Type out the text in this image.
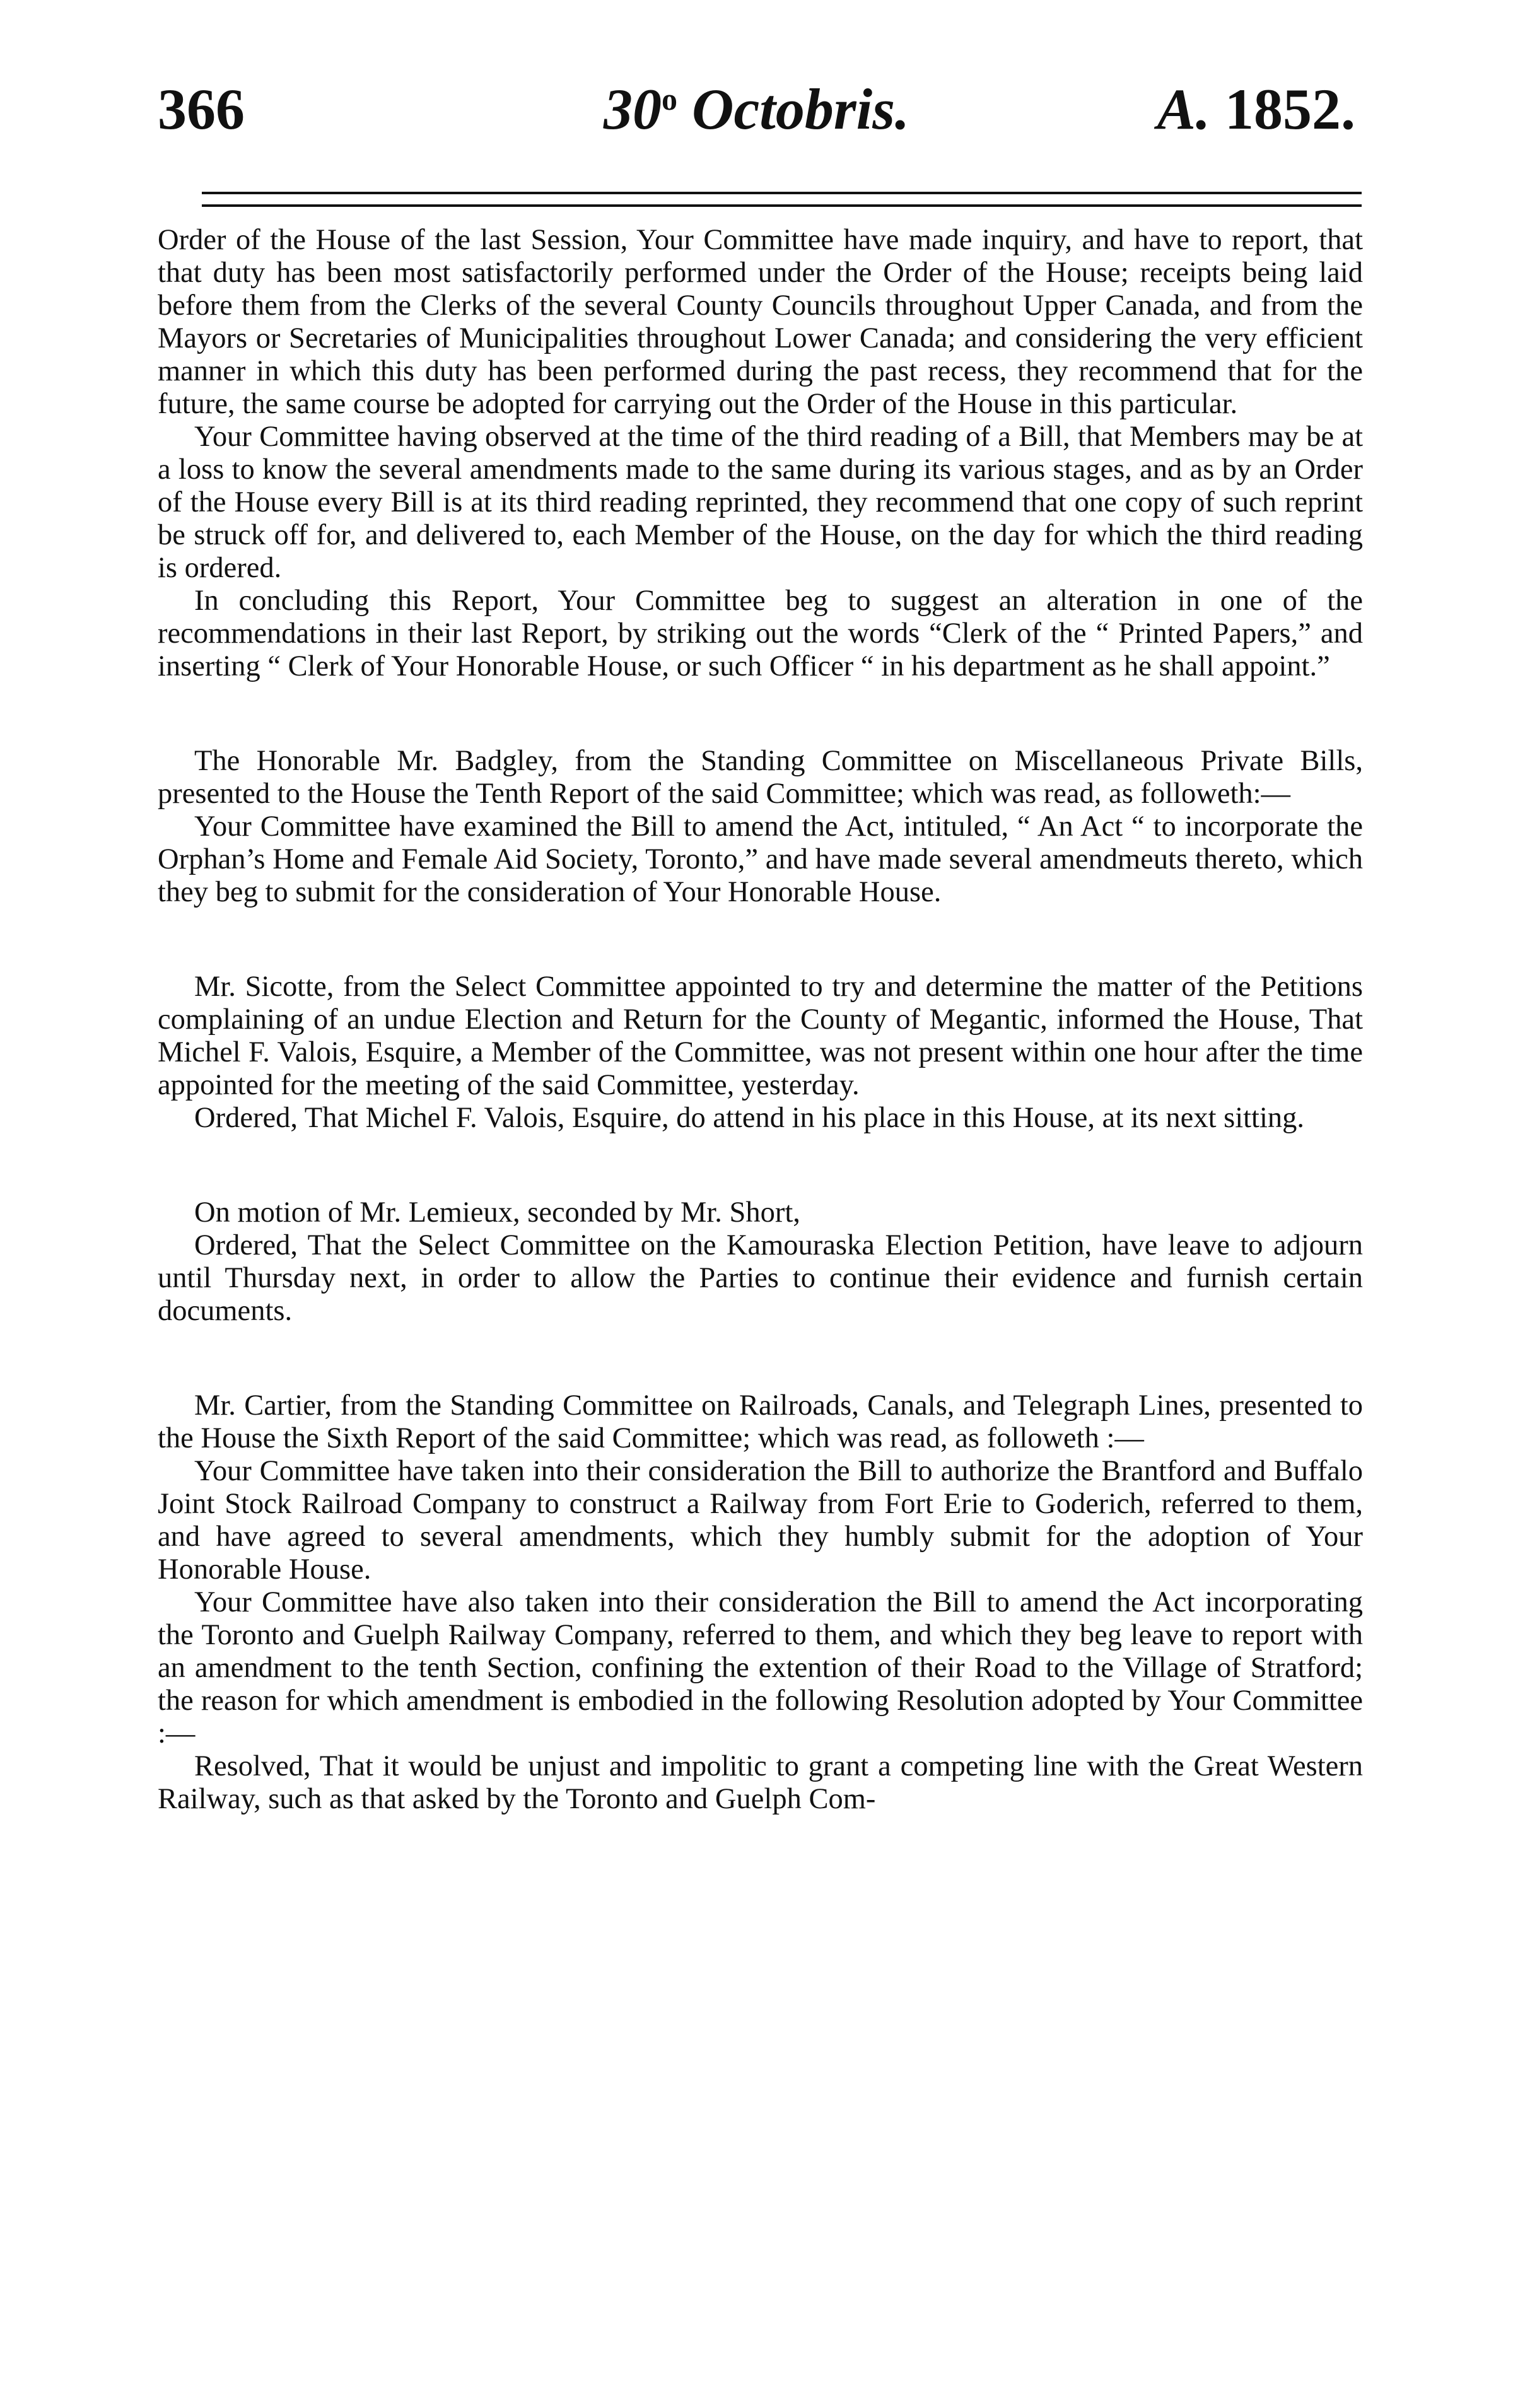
366	30$^o$ Octobris.	A. 1852.

Order of the House of the last Session, Your Committee have made inquiry, and have to report, that that duty has been most satisfactorily performed under the Order of the House; receipts being laid before them from the Clerks of the several County Councils throughout Upper Canada, and from the Mayors or Secretaries of Municipalities throughout Lower Canada; and considering the very efficient manner in which this duty has been performed during the past recess, they recommend that for the future, the same course be adopted for carrying out the Order of the House in this particular.

Your Committee having observed at the time of the third reading of a Bill, that Members may be at a loss to know the several amendments made to the same during its various stages, and as by an Order of the House every Bill is at its third reading reprinted, they recommend that one copy of such reprint be struck off for, and delivered to, each Member of the House, on the day for which the third reading is ordered.

In concluding this Report, Your Committee beg to suggest an alteration in one of the recommendations in their last Report, by striking out the words “Clerk of the “ Printed Papers,” and inserting “ Clerk of Your Honorable House, or such Officer “ in his department as he shall appoint.”

The Honorable Mr. Badgley, from the Standing Committee on Miscellaneous Private Bills, presented to the House the Tenth Report of the said Committee; which was read, as followeth:—

Your Committee have examined the Bill to amend the Act, intituled, “ An Act “ to incorporate the Orphan’s Home and Female Aid Society, Toronto,” and have made several amendmeuts thereto, which they beg to submit for the consideration of Your Honorable House.

Mr. Sicotte, from the Select Committee appointed to try and determine the matter of the Petitions complaining of an undue Election and Return for the County of Megantic, informed the House, That Michel F. Valois, Esquire, a Member of the Committee, was not present within one hour after the time appointed for the meeting of the said Committee, yesterday.

Ordered, That Michel F. Valois, Esquire, do attend in his place in this House, at its next sitting.

On motion of Mr. Lemieux, seconded by Mr. Short,

Ordered, That the Select Committee on the Kamouraska Election Petition, have leave to adjourn until Thursday next, in order to allow the Parties to continue their evidence and furnish certain documents.

Mr. Cartier, from the Standing Committee on Railroads, Canals, and Telegraph Lines, presented to the House the Sixth Report of the said Committee; which was read, as followeth :—

Your Committee have taken into their consideration the Bill to authorize the Brantford and Buffalo Joint Stock Railroad Company to construct a Railway from Fort Erie to Goderich, referred to them, and have agreed to several amendments, which they humbly submit for the adoption of Your Honorable House.

Your Committee have also taken into their consideration the Bill to amend the Act incorporating the Toronto and Guelph Railway Company, referred to them, and which they beg leave to report with an amendment to the tenth Section, confining the extention of their Road to the Village of Stratford; the reason for which amendment is embodied in the following Resolution adopted by Your Committee :—

Resolved, That it would be unjust and impolitic to grant a competing line with the Great Western Railway, such as that asked by the Toronto and Guelph Com-
